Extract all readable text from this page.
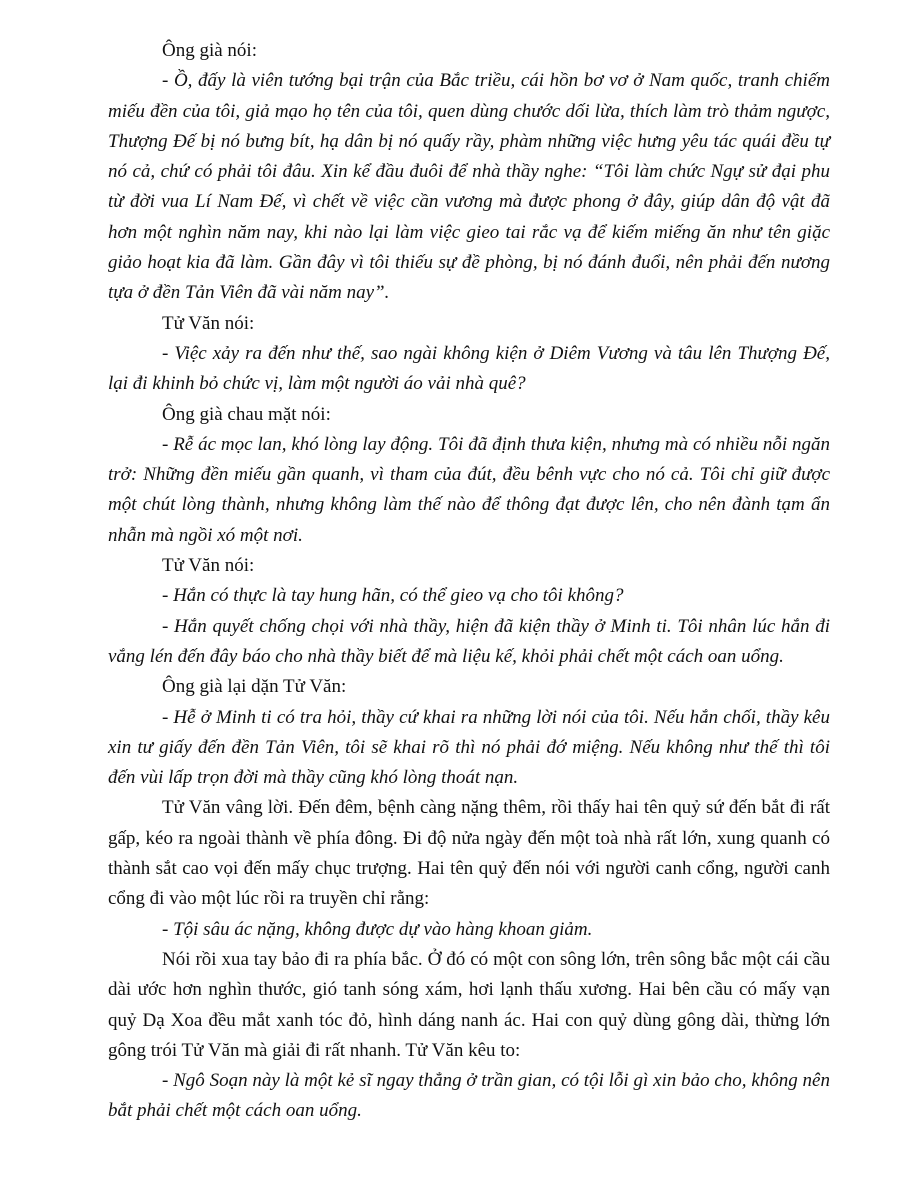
Ông già nói:

- Ồ, đấy là viên tướng bại trận của Bắc triều, cái hồn bơ vơ ở Nam quốc, tranh chiếm miếu đền của tôi, giả mạo họ tên của tôi, quen dùng chước dối lừa, thích làm trò thảm ngược, Thượng Đế bị nó bưng bít, hạ dân bị nó quấy rầy, phàm những việc hưng yêu tác quái đều tự nó cả, chứ có phải tôi đâu. Xin kể đầu đuôi để nhà thầy nghe: “Tôi làm chức Ngự sử đại phu từ đời vua Lí Nam Đế, vì chết về việc cần vương mà được phong ở đây, giúp dân độ vật đã hơn một nghìn năm nay, khi nào lại làm việc gieo tai rắc vạ để kiếm miếng ăn như tên giặc giảo hoạt kia đã làm. Gần đây vì tôi thiếu sự đề phòng, bị nó đánh đuổi, nên phải đến nương tựa ở đền Tản Viên đã vài năm nay”.

Tử Văn nói:

- Việc xảy ra đến như thế, sao ngài không kiện ở Diêm Vương và tâu lên Thượng Đế, lại đi khinh bỏ chức vị, làm một người áo vải nhà quê?

Ông già chau mặt nói:

- Rễ ác mọc lan, khó lòng lay động. Tôi đã định thưa kiện, nhưng mà có nhiều nỗi ngăn trở: Những đền miếu gần quanh, vì tham của đút, đều bênh vực cho nó cả. Tôi chỉ giữ được một chút lòng thành, nhưng không làm thế nào để thông đạt được lên, cho nên đành tạm ẩn nhẫn mà ngồi xó một nơi.

Tử Văn nói:

- Hắn có thực là tay hung hãn, có thể gieo vạ cho tôi không?

- Hắn quyết chống chọi với nhà thầy, hiện đã kiện thầy ở Minh ti. Tôi nhân lúc hắn đi vắng lén đến đây báo cho nhà thầy biết để mà liệu kế, khỏi phải chết một cách oan uổng.

Ông già lại dặn Tử Văn:

- Hễ ở Minh ti có tra hỏi, thầy cứ khai ra những lời nói của tôi. Nếu hắn chối, thầy kêu xin tư giấy đến đền Tản Viên, tôi sẽ khai rõ thì nó phải đớ miệng. Nếu không như thế thì tôi đến vùi lấp trọn đời mà thầy cũng khó lòng thoát nạn.

Tử Văn vâng lời. Đến đêm, bệnh càng nặng thêm, rồi thấy hai tên quỷ sứ đến bắt đi rất gấp, kéo ra ngoài thành về phía đông. Đi độ nửa ngày đến một toà nhà rất lớn, xung quanh có thành sắt cao vọi đến mấy chục trượng. Hai tên quỷ đến nói với người canh cổng, người canh cổng đi vào một lúc rồi ra truyền chỉ rằng:

- Tội sâu ác nặng, không được dự vào hàng khoan giảm.

Nói rồi xua tay bảo đi ra phía bắc. Ở đó có một con sông lớn, trên sông bắc một cái cầu dài ước hơn nghìn thước, gió tanh sóng xám, hơi lạnh thấu xương. Hai bên cầu có mấy vạn quỷ Dạ Xoa đều mắt xanh tóc đỏ, hình dáng nanh ác. Hai con quỷ dùng gông dài, thừng lớn gông trói Tử Văn mà giải đi rất nhanh. Tử Văn kêu to:

- Ngô Soạn này là một kẻ sĩ ngay thẳng ở trần gian, có tội lỗi gì xin bảo cho, không nên bắt phải chết một cách oan uổng.
